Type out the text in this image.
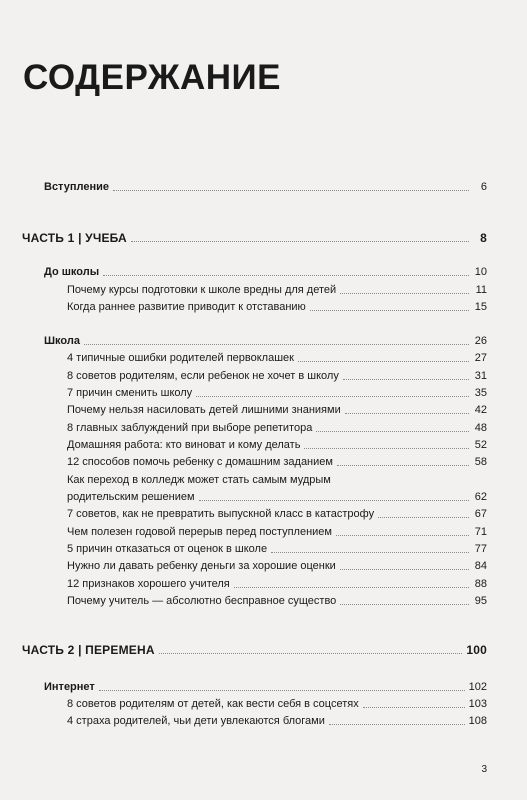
СОДЕРЖАНИЕ
Вступление	6
ЧАСТЬ 1 | УЧЕБА	8
До школы	10
Почему курсы подготовки к школе вредны для детей	11
Когда раннее развитие приводит к отставанию	15
Школа	26
4 типичные ошибки родителей первоклашек	27
8 советов родителям, если ребенок не хочет в школу	31
7 причин сменить школу	35
Почему нельзя насиловать детей лишними знаниями	42
8 главных заблуждений при выборе репетитора	48
Домашняя работа: кто виноват и кому делать	52
12 способов помочь ребенку с домашним заданием	58
Как переход в колледж может стать самым мудрым
родительским решением	62
7 советов, как не превратить выпускной класс в катастрофу	67
Чем полезен годовой перерыв перед поступлением	71
5 причин отказаться от оценок в школе	77
Нужно ли давать ребенку деньги за хорошие оценки	84
12 признаков хорошего учителя	88
Почему учитель — абсолютно бесправное существо	95
ЧАСТЬ 2 | ПЕРЕМЕНА	100
Интернет	102
8 советов родителям от детей, как вести себя в соцсетях	103
4 страха родителей, чьи дети увлекаются блогами	108
3
